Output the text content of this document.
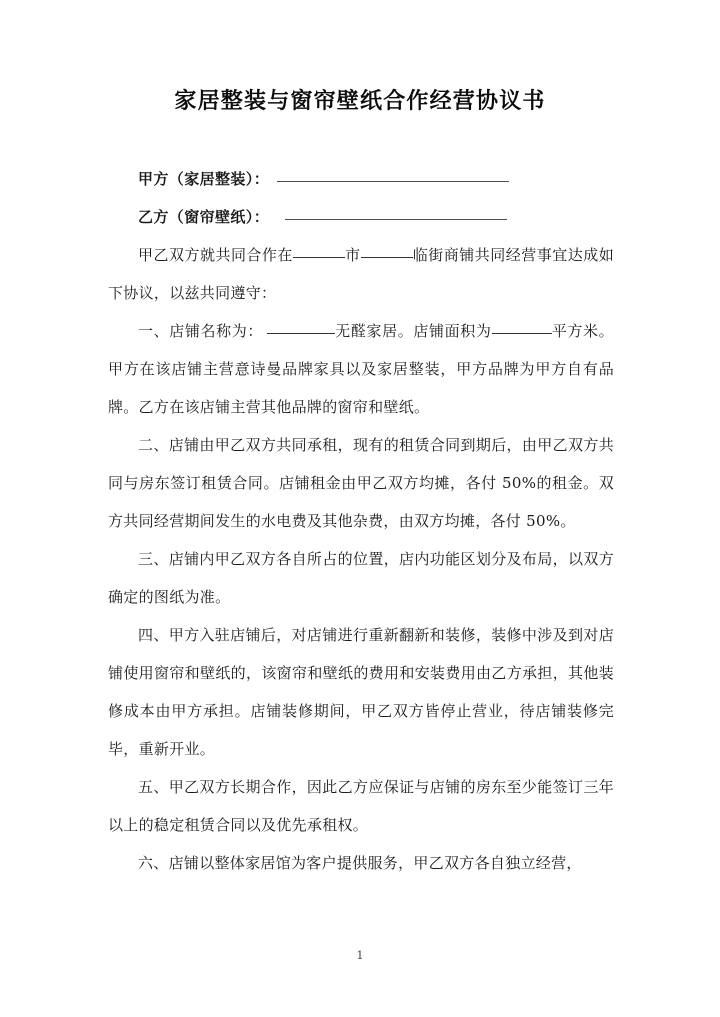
家居整装与窗帘壁纸合作经营协议书
甲方（家居整装）：
乙方（窗帘壁纸）：

甲乙双方就共同合作在	市	临街商铺共同经营事宜达成如下协议，以兹共同遵守：

一、店铺名称为：	无醛家居。店铺面积为	平方米。甲方在该店铺主营意诗曼品牌家具以及家居整装，甲方品牌为甲方自有品牌。乙方在该店铺主营其他品牌的窗帘和壁纸。

二、店铺由甲乙双方共同承租，现有的租赁合同到期后，由甲乙双方共同与房东签订租赁合同。店铺租金由甲乙双方均摊，各付 50%的租金。双方共同经营期间发生的水电费及其他杂费，由双方均摊，各付 50%。

三、店铺内甲乙双方各自所占的位置，店内功能区划分及布局，以双方确定的图纸为准。

四、甲方入驻店铺后，对店铺进行重新翻新和装修，装修中涉及到对店铺使用窗帘和壁纸的，该窗帘和壁纸的费用和安装费用由乙方承担，其他装修成本由甲方承担。店铺装修期间，甲乙双方皆停止营业，待店铺装修完毕，重新开业。

五、甲乙双方长期合作，因此乙方应保证与店铺的房东至少能签订三年以上的稳定租赁合同以及优先承租权。

六、店铺以整体家居馆为客户提供服务，甲乙双方各自独立经营，

1
